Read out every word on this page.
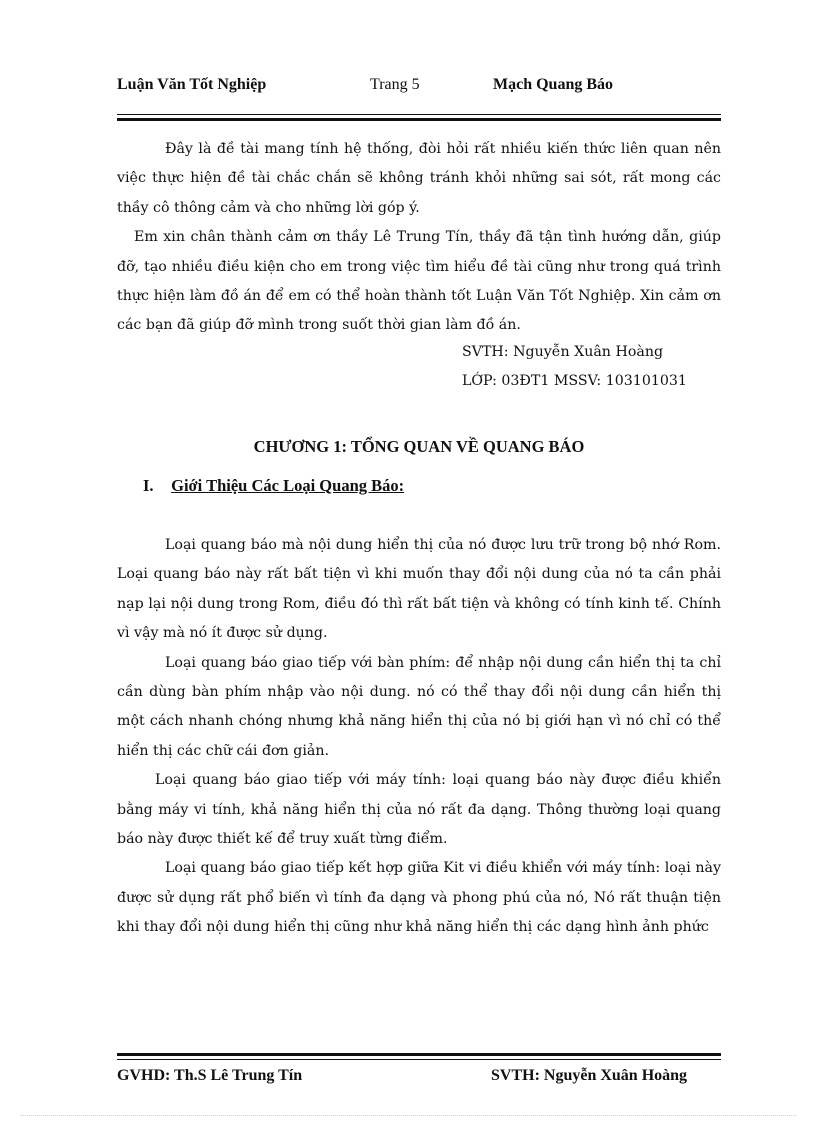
Luận Văn Tốt Nghiệp	Trang 5	Mạch Quang Báo

Đây là đề tài mang tính hệ thống, đòi hỏi rất nhiều kiến thức liên quan nên việc thực hiện đề tài chắc chắn sẽ không tránh khỏi những sai sót, rất mong các thầy cô thông cảm và cho những lời góp ý.

Em xin chân thành cảm ơn thầy Lê Trung Tín, thầy đã tận tình hướng dẫn, giúp đỡ, tạo nhiều điều kiện cho em trong việc tìm hiểu đề tài cũng như trong quá trình thực hiện làm đồ án để em có thể hoàn thành tốt Luận Văn Tốt Nghiệp. Xin cảm ơn các bạn đã giúp đỡ mình trong suốt thời gian làm đồ án.

SVTH: Nguyễn Xuân Hoàng
LỚP: 03ĐT1 MSSV: 103101031
CHƯƠNG 1: TỔNG QUAN VỀ QUANG BÁO
I. Giới Thiệu Các Loại Quang Báo:

Loại quang báo mà nội dung hiển thị của nó được lưu trữ trong bộ nhớ Rom. Loại quang báo này rất bất tiện vì khi muốn thay đổi nội dung của nó ta cần phải nạp lại nội dung trong Rom, điều đó thì rất bất tiện và không có tính kinh tế. Chính vì vậy mà nó ít được sử dụng.

Loại quang báo giao tiếp với bàn phím: để nhập nội dung cần hiển thị ta chỉ cần dùng bàn phím nhập vào nội dung. nó có thể thay đổi nội dung cần hiển thị một cách nhanh chóng nhưng khả năng hiển thị của nó bị giới hạn vì nó chỉ có thể hiển thị các chữ cái đơn giản.

Loại quang báo giao tiếp với máy tính: loại quang báo này được điều khiển bằng máy vi tính, khả năng hiển thị của nó rất đa dạng. Thông thường loại quang báo này được thiết kế để truy xuất từng điểm.

Loại quang báo giao tiếp kết hợp giữa Kit vi điều khiển với máy tính: loại này được sử dụng rất phổ biến vì tính đa dạng và phong phú của nó, Nó rất thuận tiện khi thay đổi nội dung hiển thị cũng như khả năng hiển thị các dạng hình ảnh phức

GVHD: Th.S Lê Trung Tín	SVTH: Nguyễn Xuân Hoàng
